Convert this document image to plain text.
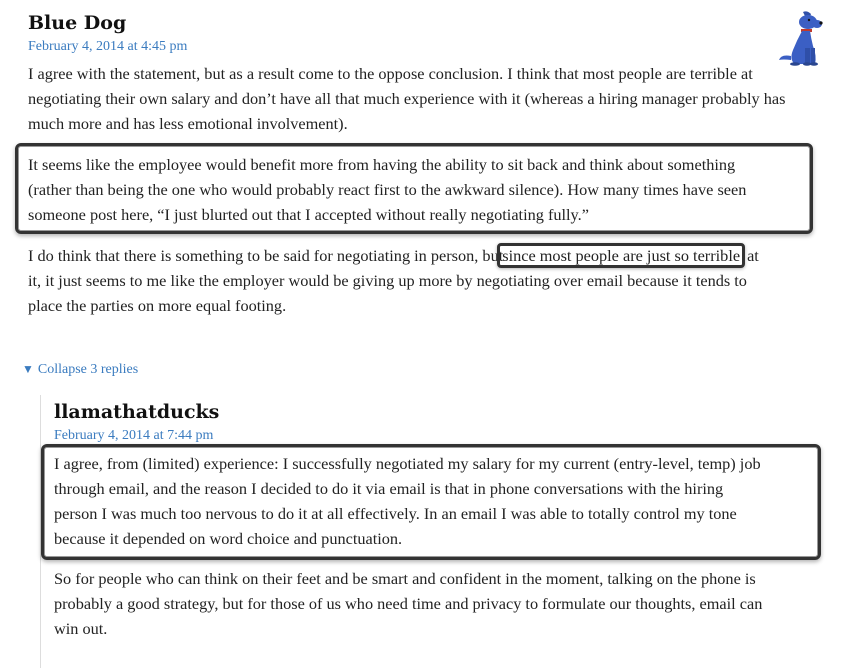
Blue Dog
February 4, 2014 at 4:45 pm

I agree with the statement, but as a result come to the oppose conclusion. I think that most people are terrible at negotiating their own salary and don’t have all that much experience with it (whereas a hiring manager probably has much more and has less emotional involvement).

It seems like the employee would benefit more from having the ability to sit back and think about something
(rather than being the one who would probably react first to the awkward silence). How many times have seen
someone post here, “I just blurted out that I accepted without really negotiating fully.”
I do think that there is something to be said for negotiating in person, butsince most people are just so terrible at
it, it just seems to me like the employer would be giving up more by negotiating over email because it tends to
place the parties on more equal footing.
▼ Collapse 3 replies
llamathatducks
February 4, 2014 at 7:44 pm
I agree, from (limited) experience: I successfully negotiated my salary for my current (entry-level, temp) job
through email, and the reason I decided to do it via email is that in phone conversations with the hiring
person I was much too nervous to do it at all effectively. In an email I was able to totally control my tone
because it depended on word choice and punctuation.
So for people who can think on their feet and be smart and confident in the moment, talking on the phone is
probably a good strategy, but for those of us who need time and privacy to formulate our thoughts, email can
win out.
